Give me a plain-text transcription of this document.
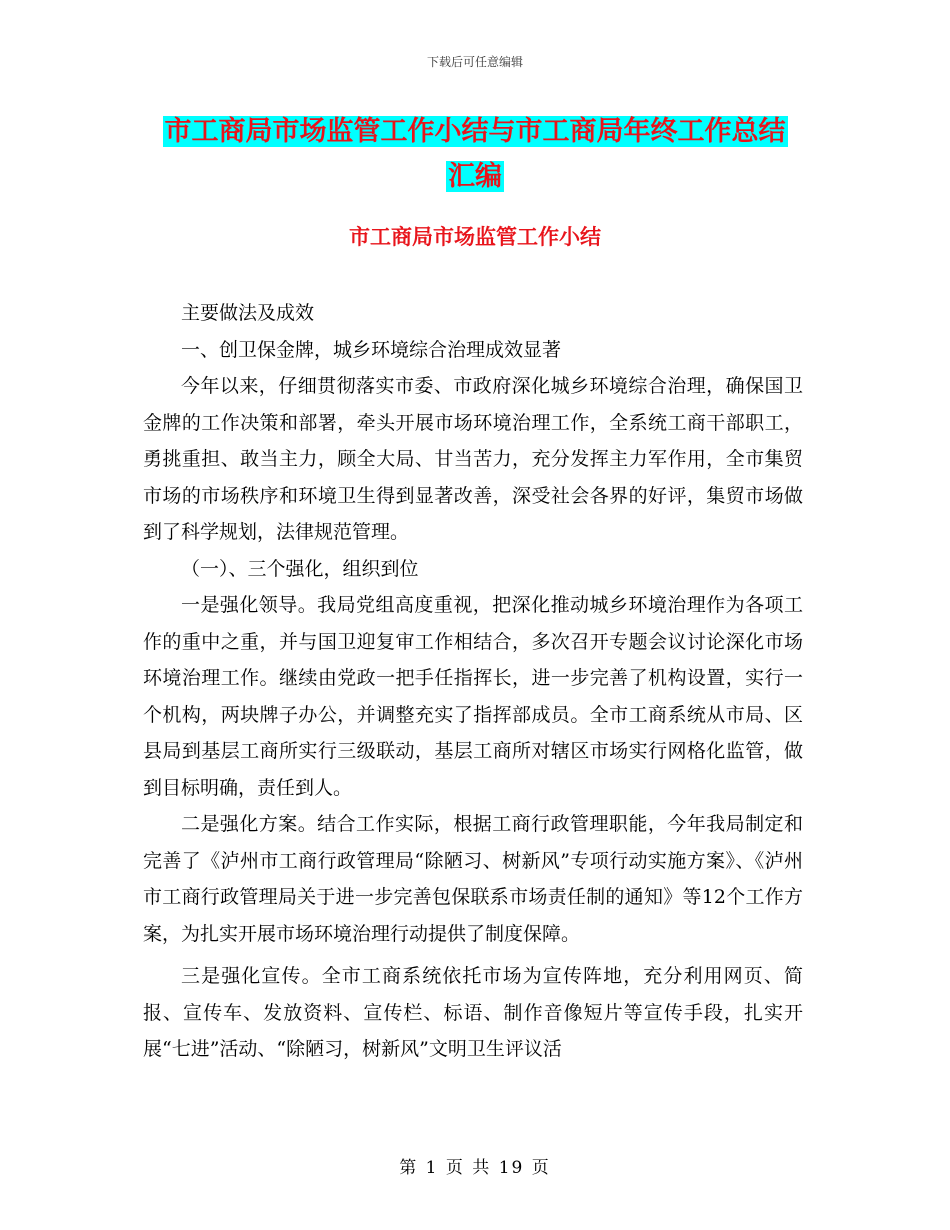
下载后可任意编辑
市工商局市场监管工作小结与市工商局年终工作总结
汇编
市工商局市场监管工作小结

主要做法及成效

一、创卫保金牌，城乡环境综合治理成效显著

今年以来，仔细贯彻落实市委、市政府深化城乡环境综合治理，确保国卫金牌的工作决策和部署，牵头开展市场环境治理工作，全系统工商干部职工，勇挑重担、敢当主力，顾全大局、甘当苦力，充分发挥主力军作用，全市集贸市场的市场秩序和环境卫生得到显著改善，深受社会各界的好评，集贸市场做到了科学规划，法律规范管理。

（一）、三个强化，组织到位

一是强化领导。我局党组高度重视，把深化推动城乡环境治理作为各项工作的重中之重，并与国卫迎复审工作相结合，多次召开专题会议讨论深化市场环境治理工作。继续由党政一把手任指挥长，进一步完善了机构设置，实行一个机构，两块牌子办公，并调整充实了指挥部成员。全市工商系统从市局、区县局到基层工商所实行三级联动，基层工商所对辖区市场实行网格化监管，做到目标明确，责任到人。

二是强化方案。结合工作实际，根据工商行政管理职能，今年我局制定和完善了《泸州市工商行政管理局“除陋习、树新风”专项行动实施方案》、《泸州市工商行政管理局关于进一步完善包保联系市场责任制的通知》等12个工作方案，为扎实开展市场环境治理行动提供了制度保障。

三是强化宣传。全市工商系统依托市场为宣传阵地，充分利用网页、简报、宣传车、发放资料、宣传栏、标语、制作音像短片等宣传手段，扎实开展“七进”活动、“除陋习，树新风”文明卫生评议活

第 1 页 共 19 页
